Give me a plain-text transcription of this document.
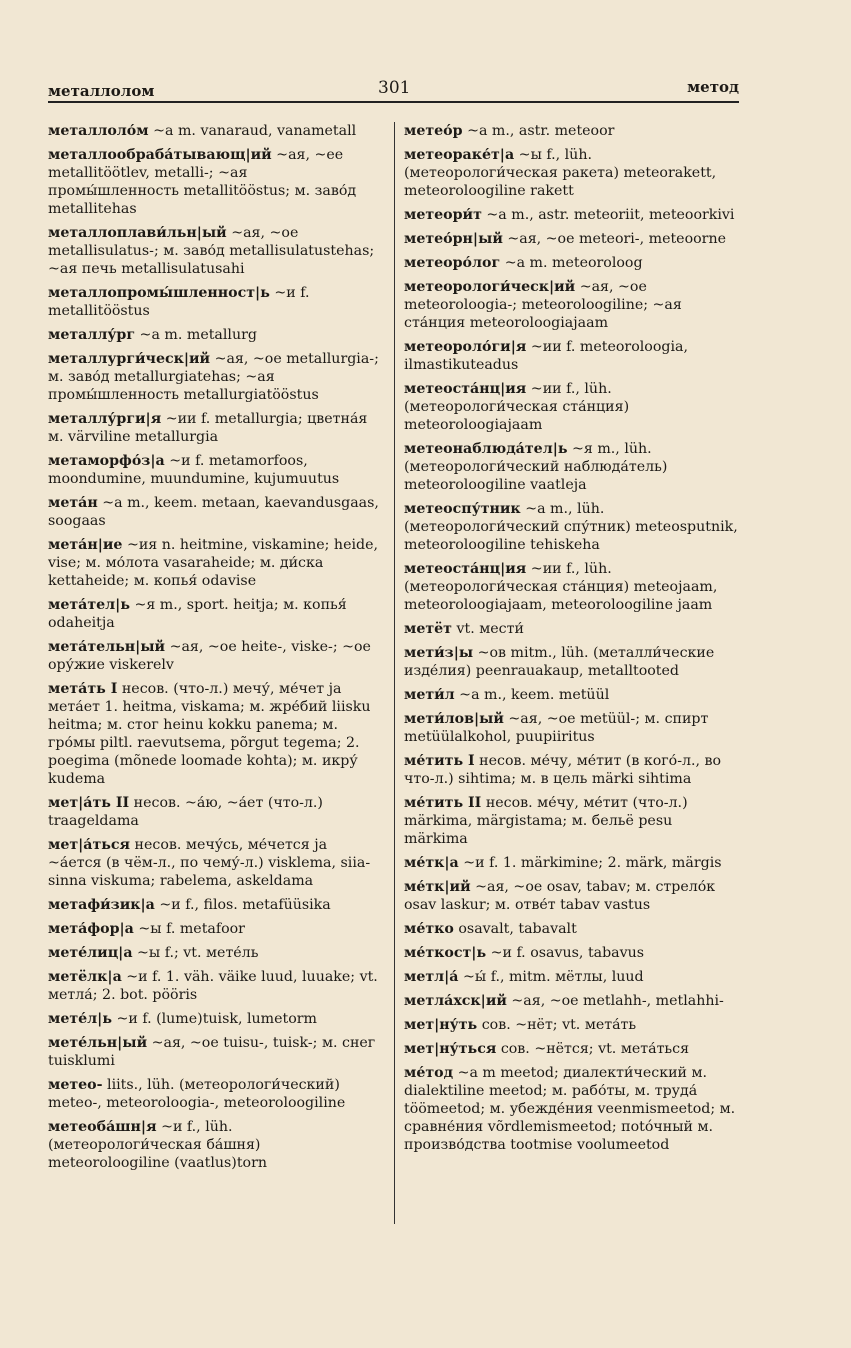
металлолом	301	метод
металлоло́м ~а m. vanaraud, vanametall
металлообраба́тывающ|ий ~ая, ~ее metallitöötlev, metalli-; ~ая промы́шленность metallitööstus; м. заво́д metallitehas
металлоплави́льн|ый ~ая, ~ое metallisulatus-; м. заво́д metallisulatustehas; ~ая печь metallisulatusahi
металлопромы́шленност|ь ~и f. metallitööstus
металлу́рг ~а m. metallurg
металлурги́ческ|ий ~ая, ~ое metallurgia-; м. заво́д metallurgiatehas; ~ая промы́шленность metallurgiatööstus
металлу́рги|я ~ии f. metallurgia; цветна́я м. värviline metallurgia
метаморфо́з|а ~и f. metamorfoos, moondumine, muundumine, kujumuutus
мета́н ~а m., keem. metaan, kaevandusgaas, soogaas
мета́н|ие ~ия n. heitmine, viskamine; heide, vise; м. мо́лота vasaraheide; м. ди́ска kettaheide; м. копья́ odavise
мета́тел|ь ~я m., sport. heitja; м. копья́ odaheitja
мета́тельн|ый ~ая, ~ое heite-, viske-; ~ое ору́жие viskerelv
мета́ть I несов. (что-л.) мечу́, ме́чет ja мета́ет 1. heitma, viskama; м. жре́бий liisku heitma; м. стог heinu kokku panema; м. гро́мы piltl. raevutsema, põrgut tegema; 2. poegima (mõnede loomade kohta); м. икру́ kudema
мет|а́ть II несов. ~а́ю, ~а́ет (что-л.) traageldama
мет|а́ться несов. мечу́сь, ме́чется ja ~а́ется (в чём-л., по чему́-л.) visklema, siia-sinna viskuma; rabelema, askeldama
метафи́зик|а ~и f., filos. metafüüsika
мета́фор|а ~ы f. metafoor
мете́лиц|а ~ы f.; vt. мете́ль
метёлк|а ~и f. 1. väh. väike luud, luuake; vt. метла́; 2. bot. pööris
мете́л|ь ~и f. (lume)tuisk, lumetorm
мете́льн|ый ~ая, ~ое tuisu-, tuisk-; м. снег tuisklumi
метео- liits., lüh. (метеорологи́ческий) meteo-, meteoroloogia-, meteoroloogiline
метеоба́шн|я ~и f., lüh. (метеорологи́ческая ба́шня) meteoroloogiline (vaatlus)torn
метео́р ~а m., astr. meteoor
метеораке́т|а ~ы f., lüh. (метеорологи́ческая ракета) meteorakett, meteoroloogiline rakett
метеори́т ~а m., astr. meteoriit, meteoorkivi
метео́рн|ый ~ая, ~ое meteori-, meteoorne
метеоро́лог ~а m. meteoroloog
метеорологи́ческ|ий ~ая, ~ое meteoroloogia-; meteoroloogiline; ~ая ста́нция meteoroloogiajaam
метеороло́ги|я ~ии f. meteoroloogia, ilmastikuteadus
метеоста́нц|ия ~ии f., lüh. (метеорологи́ческая ста́нция) meteoroloogiajaam
метеонаблюда́тел|ь ~я m., lüh. (метеорологи́ческий наблюда́тель) meteoroloogiline vaatleja
метеоспу́тник ~а m., lüh. (метеорологи́ческий спу́тник) meteosputnik, meteoroloogiline tehiskeha
метеоста́нц|ия ~ии f., lüh. (метеорологи́ческая ста́нция) meteojaam, meteoroloogiajaam, meteoroloogiline jaam
метёт vt. мести́
мети́з|ы ~ов mitm., lüh. (металли́ческие изде́лия) peenrauakaup, metalltooted
мети́л ~а m., keem. metüül
мети́лов|ый ~ая, ~ое metüül-; м. спирт metüülalkohol, puupiiritus
ме́тить I несов. ме́чу, ме́тит (в кого́-л., во что-л.) sihtima; м. в цель märki sihtima
ме́тить II несов. ме́чу, ме́тит (что-л.) märkima, märgistama; м. бельё pesu märkima
ме́тк|а ~и f. 1. märkimine; 2. märk, märgis
ме́тк|ий ~ая, ~ое osav, tabav; м. стрело́к osav laskur; м. отве́т tabav vastus
ме́тко osavalt, tabavalt
ме́ткост|ь ~и f. osavus, tabavus
метл|а́ ~ы́ f., mitm. мётлы, luud
метла́хск|ий ~ая, ~ое metlahh-, metlahhi-
мет|ну́ть сов. ~нёт; vt. мета́ть
мет|ну́ться сов. ~нётся; vt. мета́ться
ме́тод ~а m meetod; диалекти́ческий м. dialektiline meetod; м. рабо́ты, м. труда́ töömeetod; м. убежде́ния veenmismeetod; м. сравне́ния võrdlemismeetod; поtóчный м. произво́дства tootmise voolumeetod
